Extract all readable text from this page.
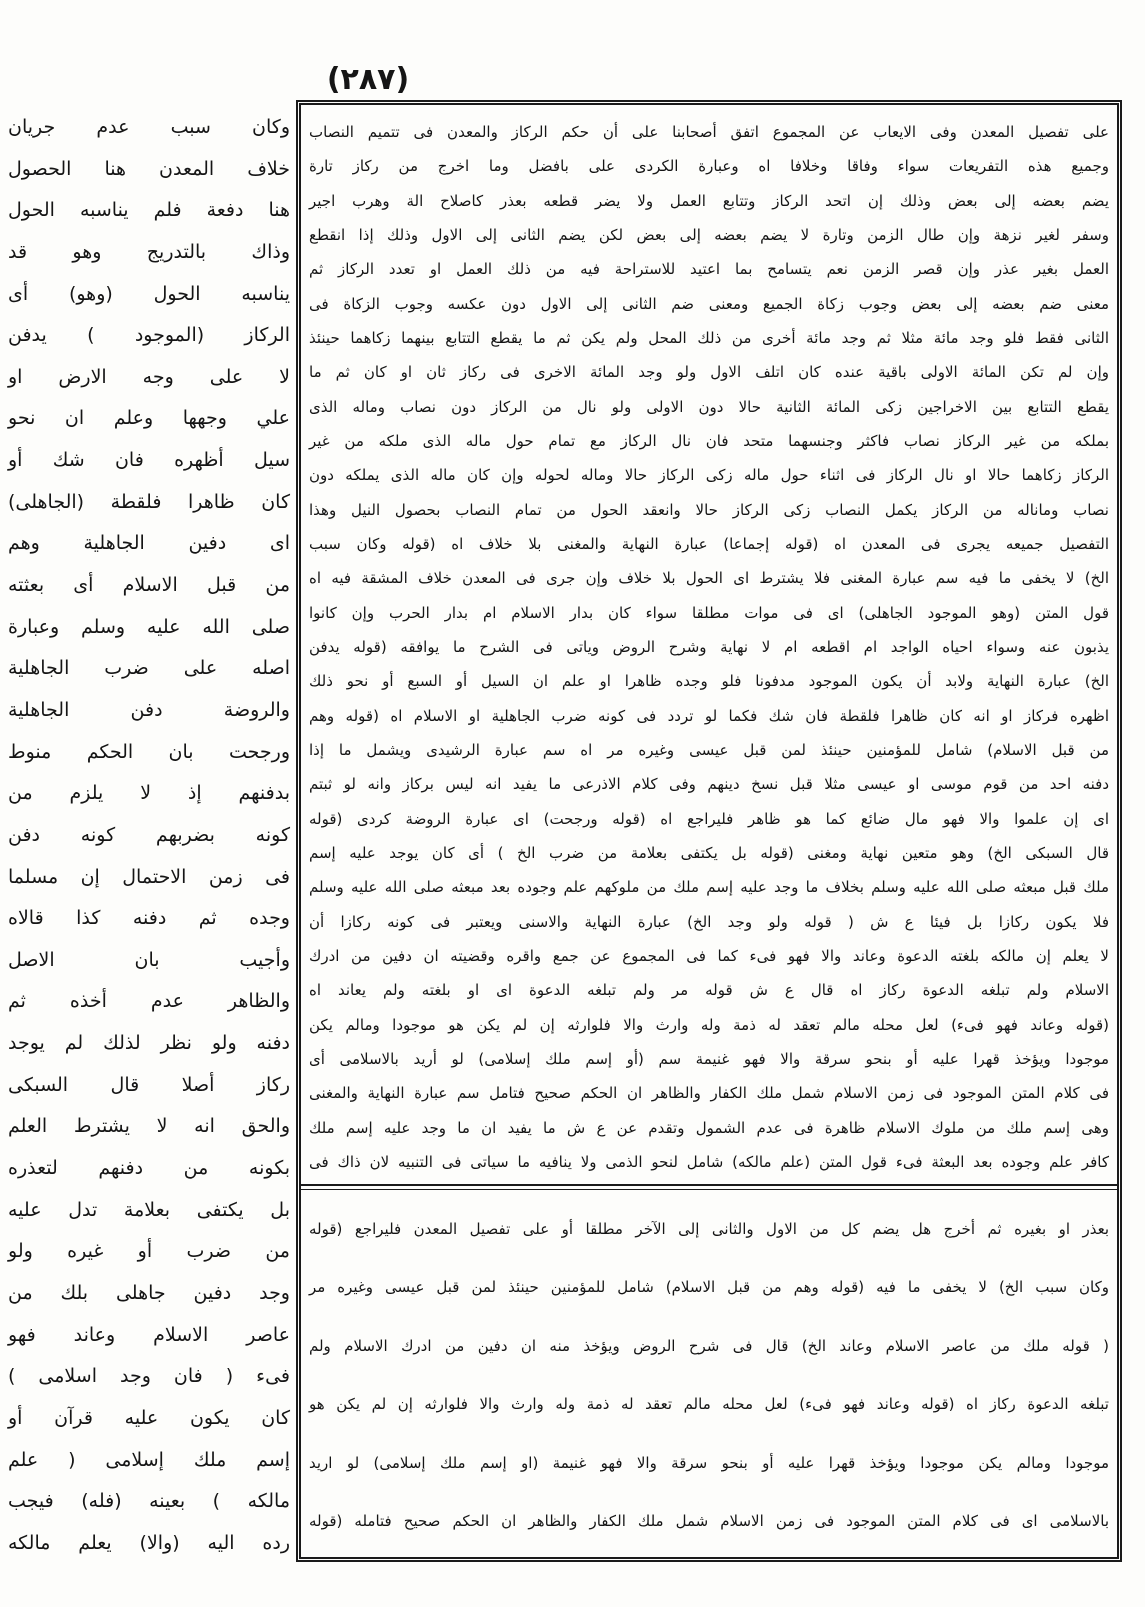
(٢٨٧)
وكان سبب عدم جريان
خلاف المعدن هنا الحصول
هنا دفعة فلم يناسبه الحول
وذاك بالتدريج وهو قد
يناسبه الحول (وهو) أى
الركاز (الموجود ) يدفن
لا على وجه الارض او
علي وجهها وعلم ان نحو
سيل أظهره فان شك أو
كان ظاهرا فلقطة (الجاهلى)
اى دفين الجاهلية وهم
من قبل الاسلام أى بعثته
صلى الله عليه وسلم وعبارة
اصله على ضرب الجاهلية
والروضة دفن الجاهلية
ورجحت بان الحكم منوط
بدفنهم إذ لا يلزم من
كونه بضربهم كونه دفن
فى زمن الاحتمال إن مسلما
وجده ثم دفنه كذا قالاه
وأجيب بان الاصل
والظاهر عدم أخذه ثم
دفنه ولو نظر لذلك لم يوجد
ركاز أصلا قال السبكى
والحق انه لا يشترط العلم
بكونه من دفنهم لتعذره
بل يكتفى بعلامة تدل عليه
من ضرب أو غيره ولو
وجد دفين جاهلى بلك من
عاصر الاسلام وعاند فهو
فىء ( فان وجد اسلامى )
كان يكون عليه قرآن أو
إسم ملك إسلامى ( علم
مالكه ) بعينه (فله) فيجب
رده اليه (والا) يعلم مالكه
على تفصيل المعدن وفى الايعاب عن المجموع اتفق أصحابنا على أن حكم الركاز والمعدن فى تتميم النصاب
وجميع هذه التفريعات سواء وفاقا وخلافا اه وعبارة الكردى على بافضل وما اخرج من ركاز تارة
يضم بعضه إلى بعض وذلك إن اتحد الركاز وتتابع العمل ولا يضر قطعه بعذر كاصلاح الة وهرب اجير
وسفر لغير نزهة وإن طال الزمن وتارة لا يضم بعضه إلى بعض لكن يضم الثانى إلى الاول وذلك إذا انقطع
العمل بغير عذر وإن قصر الزمن نعم يتسامح بما اعتيد للاستراحة فيه من ذلك العمل او تعدد الركاز ثم
معنى ضم بعضه إلى بعض وجوب زكاة الجميع ومعنى ضم الثانى إلى الاول دون عكسه وجوب الزكاة فى
الثانى فقط فلو وجد مائة مثلا ثم وجد مائة أخرى من ذلك المحل ولم يكن ثم ما يقطع التتابع بينهما زكاهما حينئذ
وإن لم تكن المائة الاولى باقية عنده كان اتلف الاول ولو وجد المائة الاخرى فى ركاز ثان او كان ثم ما
يقطع التتابع بين الاخراجين زكى المائة الثانية حالا دون الاولى ولو نال من الركاز دون نصاب وماله الذى
بملكه من غير الركاز نصاب فاكثر وجنسهما متحد فان نال الركاز مع تمام حول ماله الذى ملكه من غير
الركاز زكاهما حالا او نال الركاز فى اثناء حول ماله زكى الركاز حالا وماله لحوله وإن كان ماله الذى يملكه دون
نصاب وماناله من الركاز يكمل النصاب زكى الركاز حالا وانعقد الحول من تمام النصاب بحصول النيل وهذا
التفصيل جميعه يجرى فى المعدن اه (قوله إجماعا) عبارة النهاية والمغنى بلا خلاف اه (قوله وكان سبب
الخ) لا يخفى ما فيه سم عبارة المغنى فلا يشترط اى الحول بلا خلاف وإن جرى فى المعدن خلاف المشقة فيه اه
قول المتن (وهو الموجود الجاهلى) اى فى موات مطلقا سواء كان بدار الاسلام ام بدار الحرب وإن كانوا
يذبون عنه وسواء احياه الواجد ام اقطعه ام لا نهاية وشرح الروض وياتى فى الشرح ما يوافقه (قوله يدفن
الخ) عبارة النهاية ولابد أن يكون الموجود مدفونا فلو وجده ظاهرا او علم ان السيل أو السبع أو نحو ذلك
اظهره فركاز او انه كان ظاهرا فلقطة فان شك فكما لو تردد فى كونه ضرب الجاهلية او الاسلام اه (قوله وهم
من قبل الاسلام) شامل للمؤمنين حينئذ لمن قبل عيسى وغيره مر اه سم عبارة الرشيدى ويشمل ما إذا
دفنه احد من قوم موسى او عيسى مثلا قبل نسخ دينهم وفى كلام الاذرعى ما يفيد انه ليس بركاز وانه لو ثبتم
اى إن علموا والا فهو مال ضائع كما هو ظاهر فليراجع اه (قوله ورجحت) اى عبارة الروضة كردى (قوله
قال السبكى الخ) وهو متعين نهاية ومغنى (قوله بل يكتفى بعلامة من ضرب الخ ) أى كان يوجد عليه إسم
ملك قبل مبعثه صلى الله عليه وسلم بخلاف ما وجد عليه إسم ملك من ملوكهم علم وجوده بعد مبعثه صلى الله عليه وسلم
فلا يكون ركازا بل فيئا ع ش ( قوله ولو وجد الخ) عبارة النهاية والاسنى ويعتبر فى كونه ركازا أن
لا يعلم إن مالكه بلغته الدعوة وعاند والا فهو فىء كما فى المجموع عن جمع واقره وقضيته ان دفين من ادرك
الاسلام ولم تبلغه الدعوة ركاز اه قال ع ش قوله مر ولم تبلغه الدعوة اى او بلغته ولم يعاند اه
(قوله وعاند فهو فىء) لعل محله مالم تعقد له ذمة وله وارث والا فلوارثه إن لم يكن هو موجودا ومالم يكن
موجودا ويؤخذ قهرا عليه أو بنحو سرقة والا فهو غنيمة سم (أو إسم ملك إسلامى) لو أريد بالاسلامى أى
فى كلام المتن الموجود فى زمن الاسلام شمل ملك الكفار والظاهر ان الحكم صحيح فتامل سم عبارة النهاية والمغنى
وهى إسم ملك من ملوك الاسلام ظاهرة فى عدم الشمول وتقدم عن ع ش ما يفيد ان ما وجد عليه إسم ملك
كافر علم وجوده بعد البعثة فىء قول المتن (علم مالكه) شامل لنحو الذمى ولا ينافيه ما سياتى فى التنبيه لان ذاك فى
بعذر او بغيره ثم أخرج هل يضم كل من الاول والثانى إلى الآخر مطلقا أو على تفصيل المعدن فليراجع (قوله
وكان سبب الخ) لا يخفى ما فيه (قوله وهم من قبل الاسلام) شامل للمؤمنين حينئذ لمن قبل عيسى وغيره مر
( قوله ملك من عاصر الاسلام وعاند الخ) قال فى شرح الروض ويؤخذ منه ان دفين من ادرك الاسلام ولم
تبلغه الدعوة ركاز اه (قوله وعاند فهو فىء) لعل محله مالم تعقد له ذمة وله وارث والا فلوارثه إن لم يكن هو
موجودا ومالم يكن موجودا ويؤخذ قهرا عليه أو بنحو سرقة والا فهو غنيمة (او إسم ملك إسلامى) لو اريد
بالاسلامى اى فى كلام المتن الموجود فى زمن الاسلام شمل ملك الكفار والظاهر ان الحكم صحيح فتامله (قوله
